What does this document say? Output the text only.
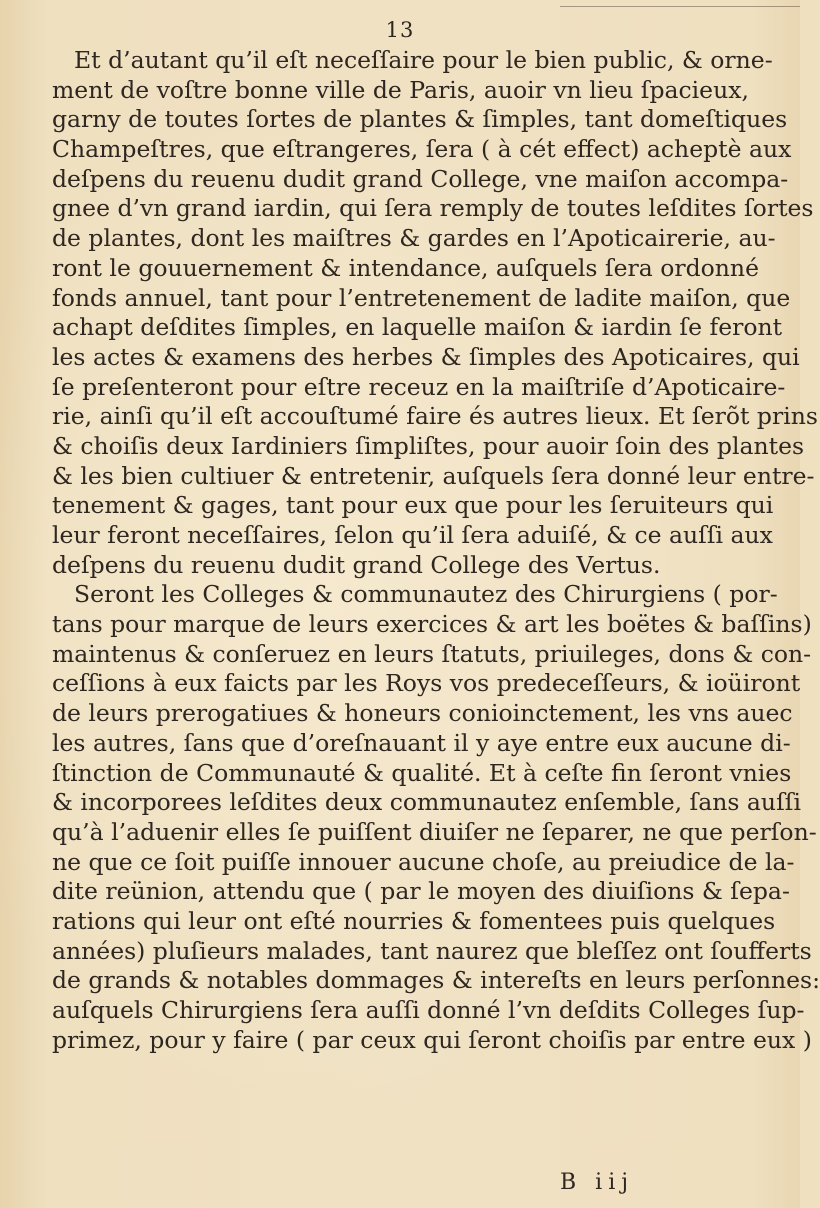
13
Et d’autant qu’il eſt neceſſaire pour le bien public, & orne-
ment de voſtre bonne ville de Paris, auoir vn lieu ſpacieux,
garny de toutes ſortes de plantes & ſimples, tant domeſtiques
Champeſtres, que eſtrangeres, ſera ( à cét effect) acheptè aux
deſpens du reuenu dudit grand College, vne maiſon accompa-
gnee d’vn grand iardin, qui ſera remply de toutes leſdites ſortes
de plantes, dont les maiſtres & gardes en l’Apoticairerie, au-
ront le gouuernement & intendance, auſquels ſera ordonné
fonds annuel, tant pour l’entretenement de ladite maiſon, que
achapt deſdites ſimples, en laquelle maiſon & iardin ſe feront
les actes & examens des herbes & ſimples des Apoticaires, qui
ſe preſenteront pour eſtre receuz en la maiſtriſe d’Apoticaire-
rie, ainſi qu’il eſt accouſtumé faire és autres lieux. Et ſerõt prins
& choiſis deux Iardiniers ſimpliſtes, pour auoir ſoin des plantes
& les bien cultiuer & entretenir, auſquels ſera donné leur entre-
tenement & gages, tant pour eux que pour les ſeruiteurs qui
leur feront neceſſaires, ſelon qu’il ſera aduiſé, & ce auſſi aux
deſpens du reuenu dudit grand College des Vertus.
Seront les Colleges & communautez des Chirurgiens ( por-
tans pour marque de leurs exercices & art les boëtes & baſſins)
maintenus & conſeruez en leurs ſtatuts, priuileges, dons & con-
ceſſions à eux faicts par les Roys vos predeceſſeurs, & ioüiront
de leurs prerogatiues & honeurs conioinctement, les vns auec
les autres, ſans que d’oreſnauant il y aye entre eux aucune di-
ſtinction de Communauté & qualité. Et à ceſte fin ſeront vnies
& incorporees leſdites deux communautez enſemble, ſans auſſi
qu’à l’aduenir elles ſe puiſſent diuiſer ne ſeparer, ne que perſon-
ne que ce ſoit puiſſe innouer aucune choſe, au preiudice de la-
dite reünion, attendu que ( par le moyen des diuiſions & ſepa-
rations qui leur ont eſté nourries & fomentees puis quelques
années) pluſieurs malades, tant naurez que bleſſez ont ſoufferts
de grands & notables dommages & intereſts en leurs perſonnes:
auſquels Chirurgiens ſera auſſi donné l’vn deſdits Colleges ſup-
primez, pour y faire ( par ceux qui ſeront choiſis par entre eux )
B iij
